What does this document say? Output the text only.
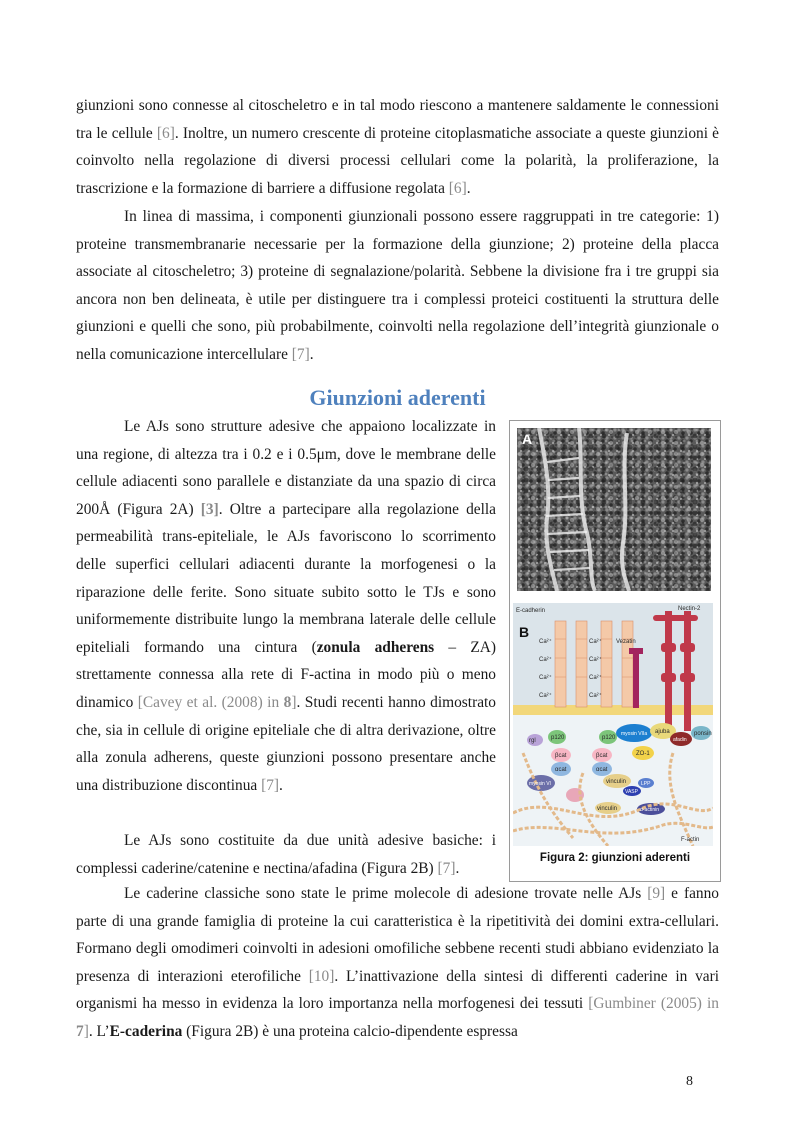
giunzioni sono connesse al citoscheletro e in tal modo riescono a mantenere saldamente le connessioni tra le cellule [6]. Inoltre, un numero crescente di proteine citoplasmatiche associate a queste giunzioni è coinvolto nella regolazione di diversi processi cellulari come la polarità, la proliferazione, la trascrizione e la formazione di barriere a diffusione regolata [6].

In linea di massima, i componenti giunzionali possono essere raggruppati in tre categorie: 1) proteine transmembranarie necessarie per la formazione della giunzione; 2) proteine della placca associate al citoscheletro; 3) proteine di segnalazione/polarità. Sebbene la divisione fra i tre gruppi sia ancora non ben delineata, è utile per distinguere tra i complessi proteici costituenti la struttura delle giunzioni e quelli che sono, più probabilmente, coinvolti nella regolazione dell’integrità giunzionale o nella comunicazione intercellulare [7].

Giunzioni aderenti

Le AJs sono strutture adesive che appaiono localizzate in una regione, di altezza tra i 0.2 e i 0.5μm, dove le membrane delle cellule adiacenti sono parallele e distanziate da una spazio di circa 200Å (Figura 2A) [3]. Oltre a partecipare alla regolazione della permeabilità trans-epiteliale, le AJs favoriscono lo scorrimento delle superfici cellulari adiacenti durante la morfogenesi o la riparazione delle ferite. Sono situate subito sotto le TJs e sono uniformemente distribuite lungo la membrana laterale delle cellule epiteliali formando una cintura (zonula adherens – ZA) strettamente connessa alla rete di F-actina in modo più o meno dinamico [Cavey et al. (2008) in 8]. Studi recenti hanno dimostrato che, sia in cellule di origine epiteliale che di altra derivazione, oltre alla zonula adherens, queste giunzioni possono presentare anche una distribuzione discontinua [7].

Le AJs sono costituite da due unità adesive basiche: i complessi caderine/catenine e nectina/afadina (Figura 2B) [7].

Le caderine classiche sono state le prime molecole di adesione trovate nelle AJs [9] e fanno parte di una grande famiglia di proteine la cui caratteristica è la ripetitività dei domini extra-cellulari. Formano degli omodimeri coinvolti in adesioni omofiliche sebbene recenti studi abbiano evidenziato la presenza di interazioni eterofiliche [10]. L’inattivazione della sintesi di differenti caderine in vari organismi ha messo in evidenza la loro importanza nella morfogenesi dei tessuti [Gumbiner (2005) in 7]. L’E-caderina (Figura 2B) è una proteina calcio-dipendente espressa

A
E-cadherin	Nectin-2
Vezatin
Ca²⁺
Ca²⁺
Ca²⁺
Ca²⁺
Ca²⁺
Ca²⁺
Ca²⁺
Ca²⁺
p120	p120
rgl
βcat	βcat
αcat	αcat
myosin VIIa ajuba
afadin
ponsin
ZO-1
vinculin
VASP
LPP
myosin VI
vinculin	α-actinin
F-actin
B
Figura 2: giunzioni aderenti
8
